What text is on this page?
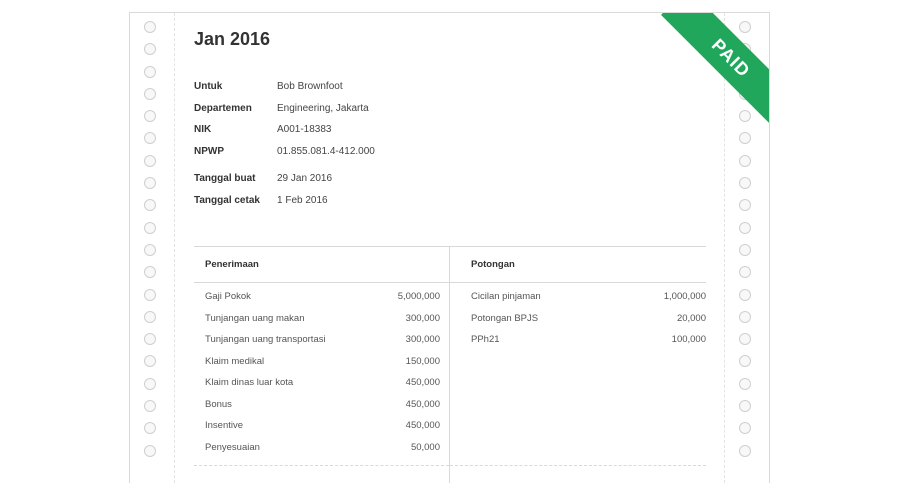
PAID
Jan 2016
Untuk	Bob Brownfoot
Departemen	Engineering, Jakarta
NIK	A001-18383
NPWP	01.855.081.4-412.000
Tanggal buat	29 Jan 2016
Tanggal cetak	1 Feb 2016
Penerimaan
Gaji Pokok	5,000,000
Tunjangan uang makan	300,000
Tunjangan uang transportasi	300,000
Klaim medikal	150,000
Klaim dinas luar kota	450,000
Bonus	450,000
Insentive	450,000
Penyesuaian	50,000
Potongan
Cicilan pinjaman	1,000,000
Potongan BPJS	20,000
PPh21	100,000
